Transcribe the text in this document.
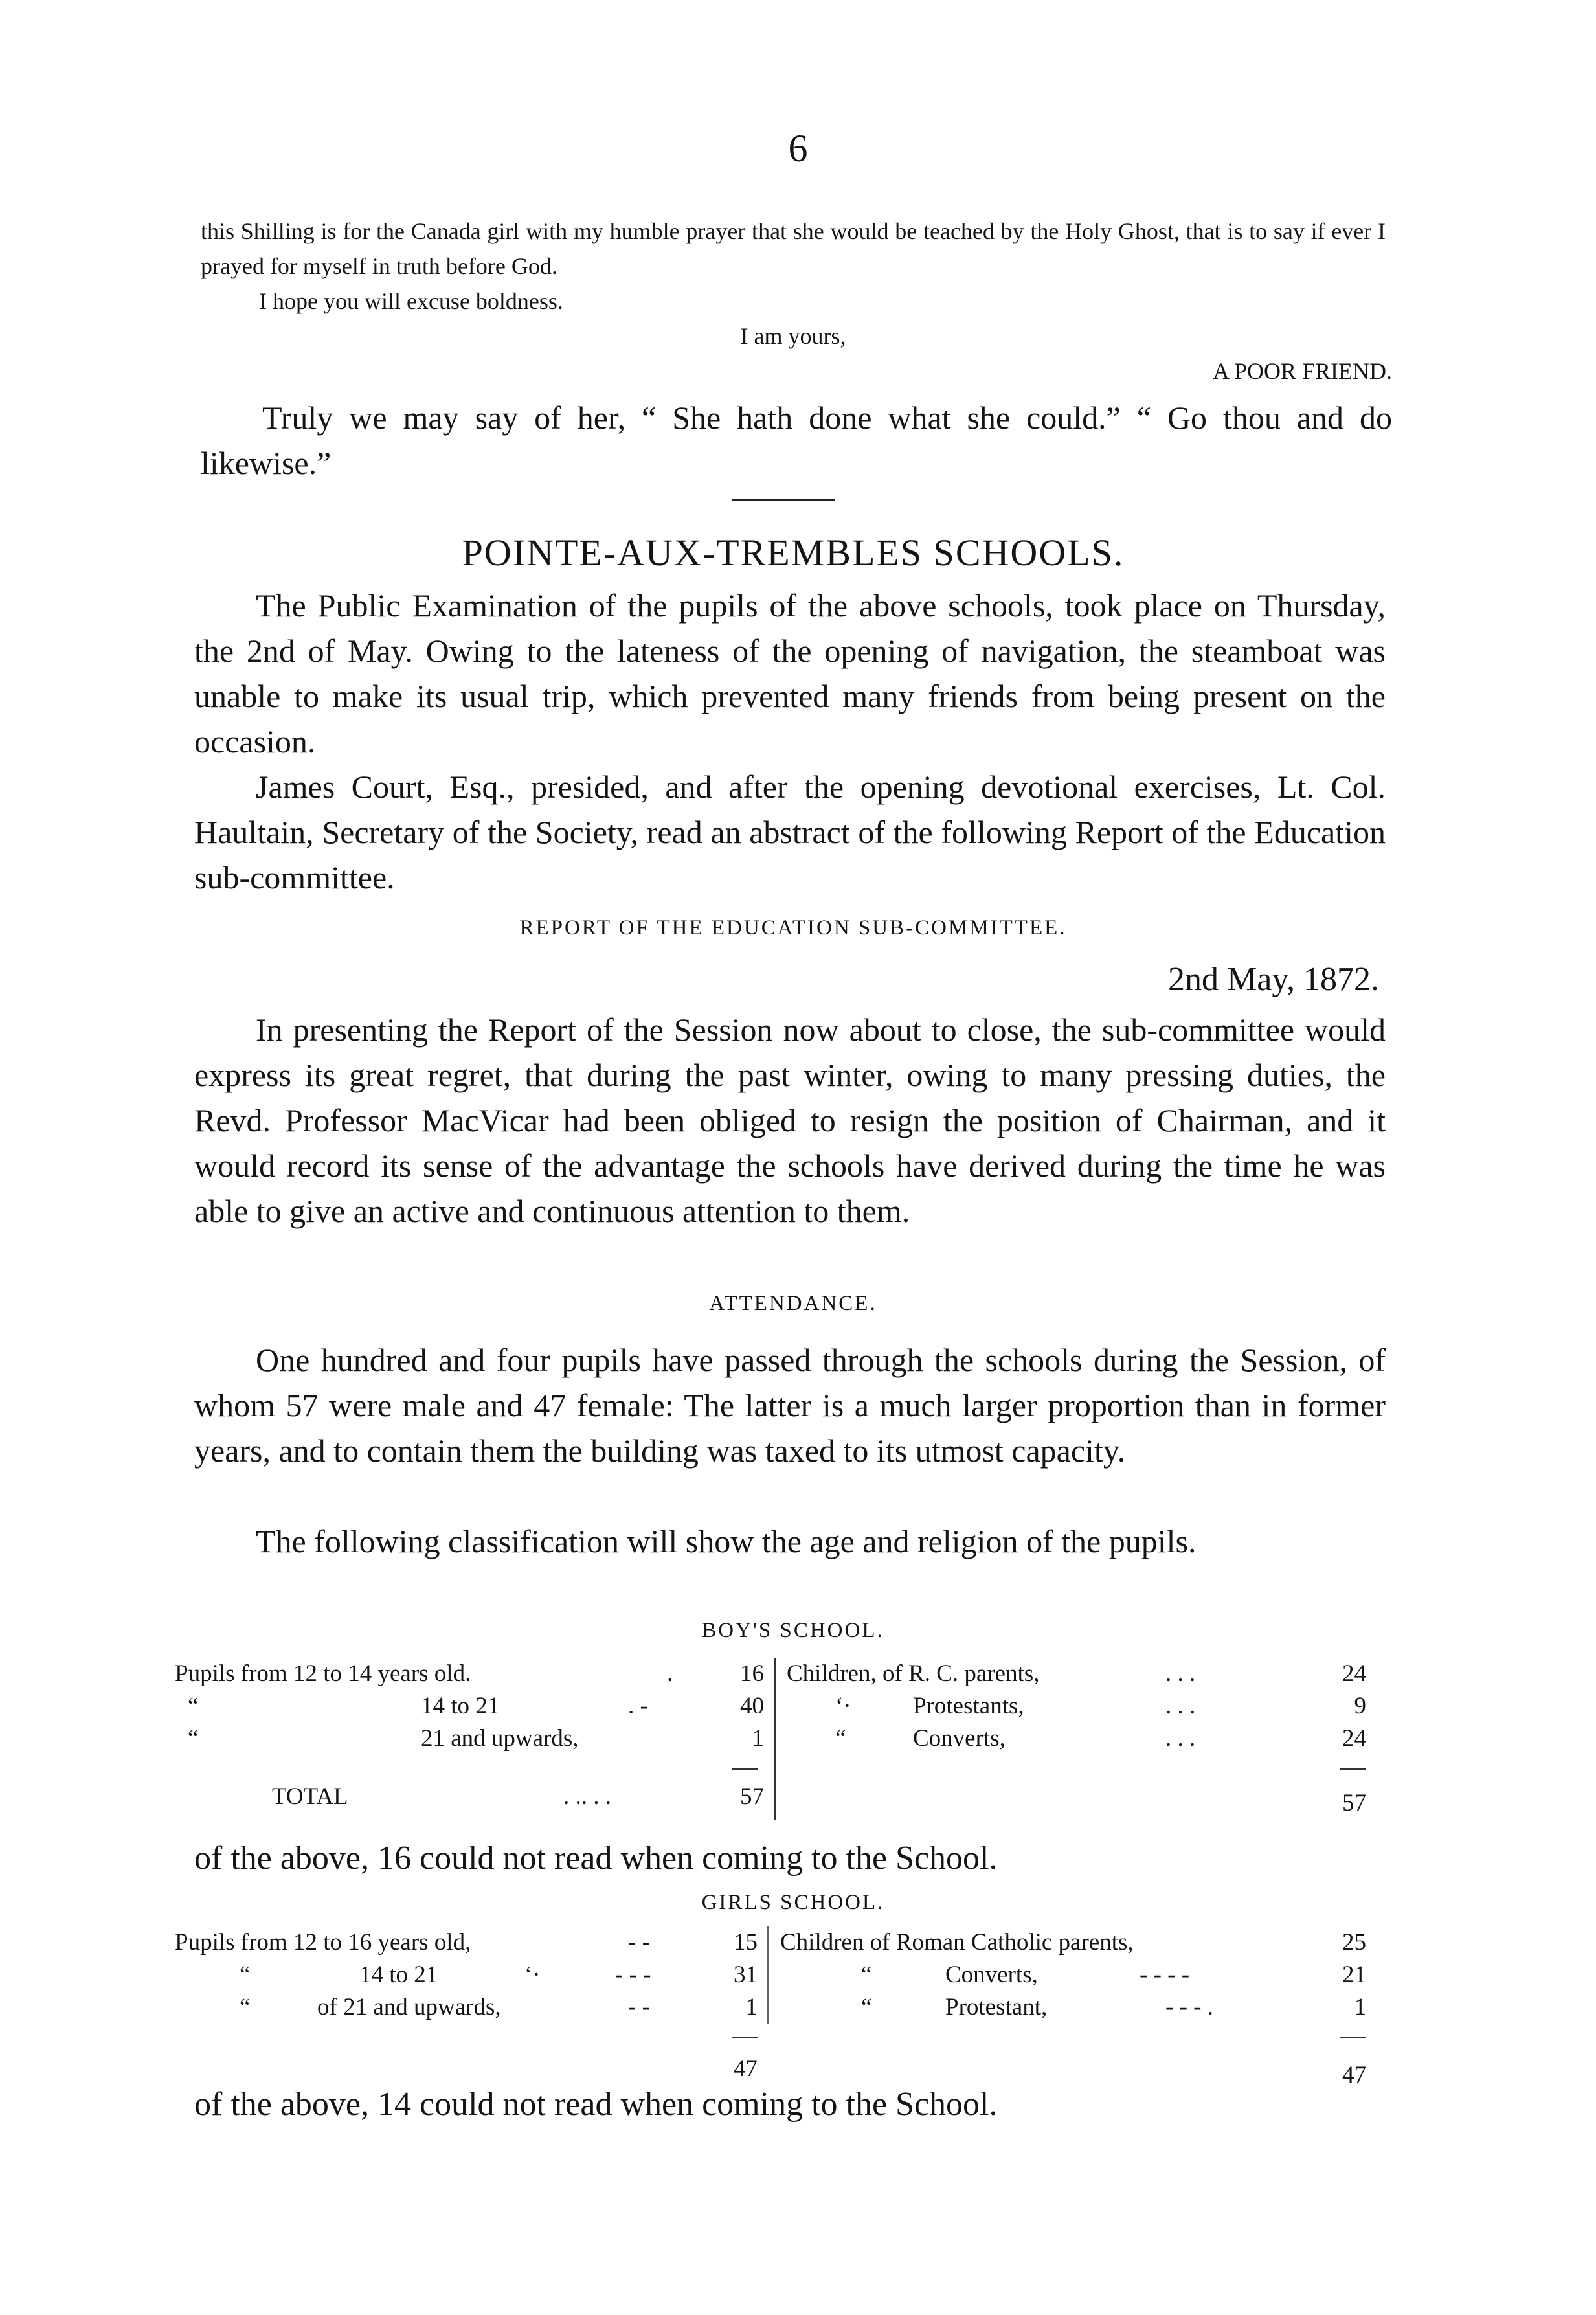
6
this Shilling is for the Canada girl with my humble prayer that she would be teached by the Holy Ghost, that is to say if ever I prayed for myself in truth before God.
I hope you will excuse boldness.
I am yours,
A POOR FRIEND.
Truly we may say of her, “ She hath done what she could.” “ Go thou and do likewise.”
POINTE-AUX-TREMBLES SCHOOLS.
The Public Examination of the pupils of the above schools, took place on Thursday, the 2nd of May. Owing to the lateness of the opening of navigation, the steamboat was unable to make its usual trip, which prevented many friends from being present on the occasion.
James Court, Esq., presided, and after the opening devotional exercises, Lt. Col. Haultain, Secretary of the Society, read an abstract of the following Report of the Education sub-committee.
REPORT OF THE EDUCATION SUB-COMMITTEE.
2nd May, 1872.
In presenting the Report of the Session now about to close, the sub-committee would express its great regret, that during the past winter, owing to many pressing duties, the Revd. Professor MacVicar had been obliged to resign the position of Chairman, and it would record its sense of the advantage the schools have derived during the time he was able to give an active and continuous attention to them.
ATTENDANCE.
One hundred and four pupils have passed through the schools during the Session, of whom 57 were male and 47 female: The latter is a much larger proportion than in former years, and to contain them the building was taxed to its utmost capacity.
The following classification will show the age and religion of the pupils.
BOY'S SCHOOL.
Pupils from 12 to 14 years old.	.	16 Children, of R. C. parents,	. . .	24
“	14 to 21	. -	40	‘·	Protestants,	. . .	9
“	21 and upwards,	1	“	Converts,	. . .	24
TOTAL	. .. . .	57	57
of the above, 16 could not read when coming to the School.
GIRLS SCHOOL.
Pupils from 12 to 16 years old,	- -	15 Children of Roman Catholic parents,	25
“	14 to 21	‘·	- - -	31	“	Converts,	- - - -	21
“	of 21 and upwards,	- -	1	“	Protestant,	- - - .	1
47	47
of the above, 14 could not read when coming to the School.
